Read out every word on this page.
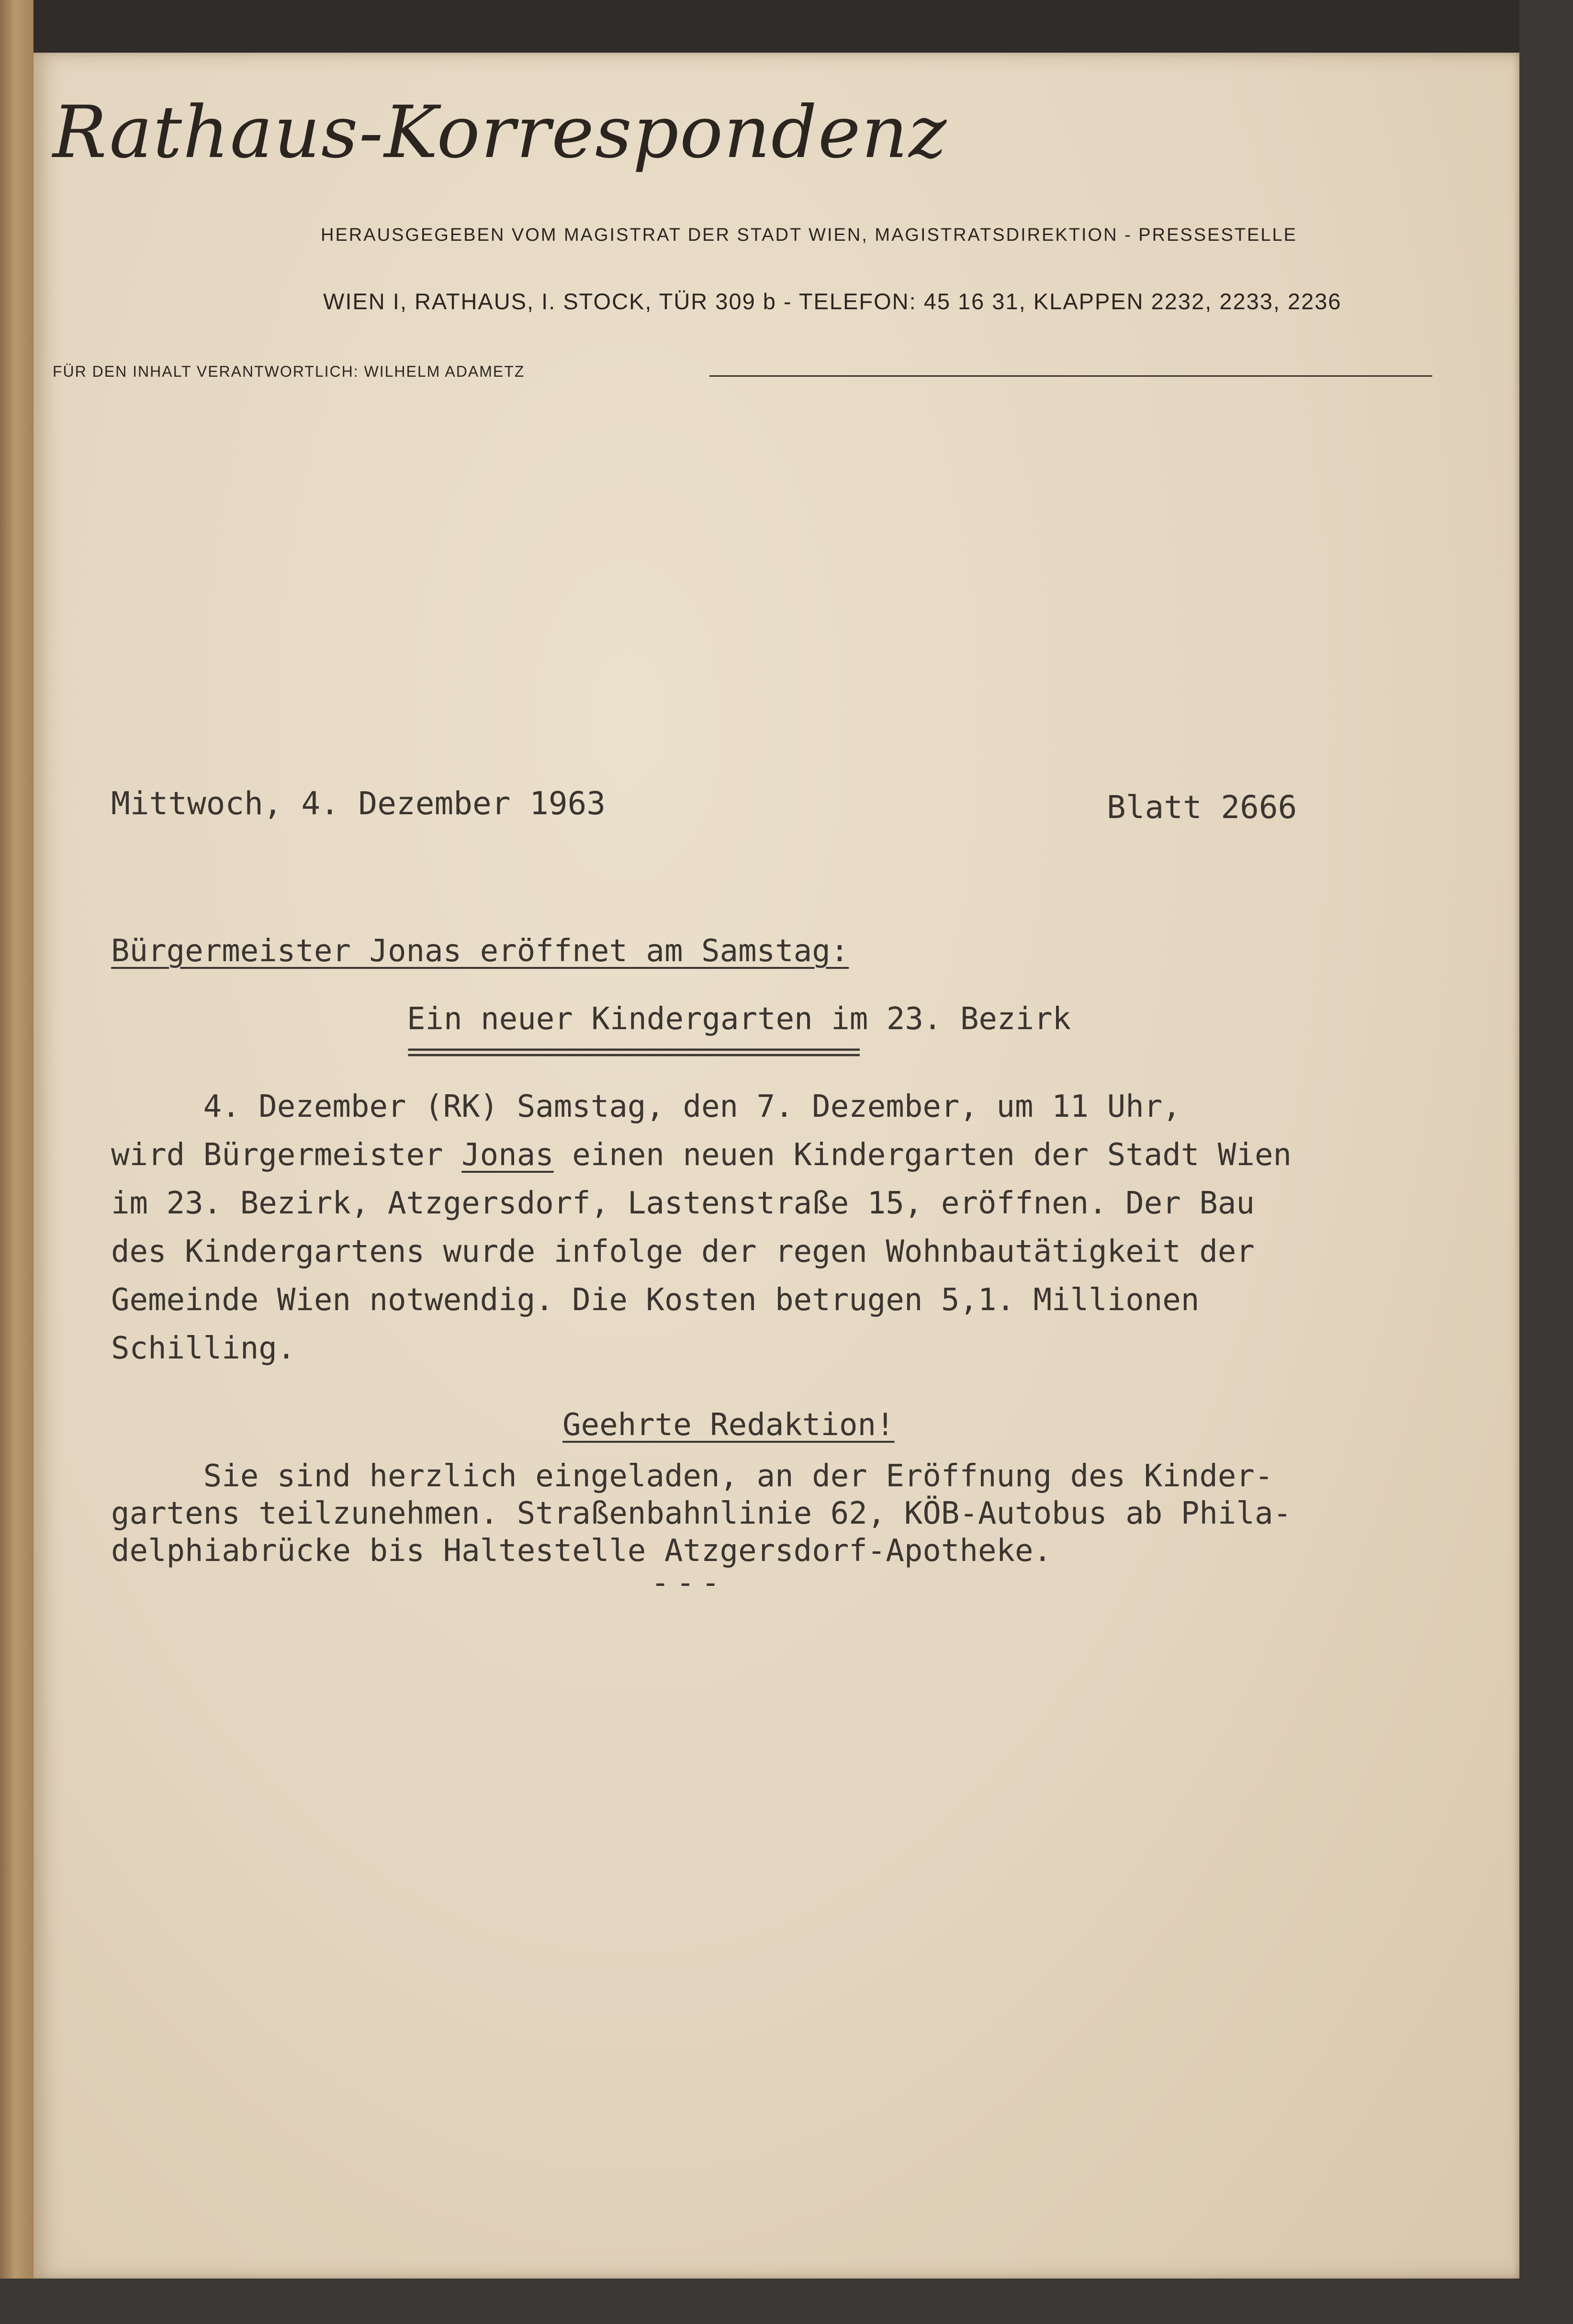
Rathaus-Korrespondenz
HERAUSGEGEBEN VOM MAGISTRAT DER STADT WIEN, MAGISTRATSDIREKTION - PRESSESTELLE
WIEN I, RATHAUS, I. STOCK, TÜR 309 b - TELEFON: 45 16 31, KLAPPEN 2232, 2233, 2236
FÜR DEN INHALT VERANTWORTLICH: WILHELM ADAMETZ
Mittwoch, 4. Dezember 1963	Blatt 2666
Bürgermeister Jonas eröffnet am Samstag:
Ein neuer Kindergarten im 23. Bezirk
==================================
4. Dezember (RK) Samstag, den 7. Dezember, um 11 Uhr,
wird Bürgermeister Jonas einen neuen Kindergarten der Stadt Wien
im 23. Bezirk, Atzgersdorf, Lastenstraße 15, eröffnen. Der Bau
des Kindergartens wurde infolge der regen Wohnbautätigkeit der
Gemeinde Wien notwendig. Die Kosten betrugen 5,1. Millionen
Schilling.
Geehrte Redaktion!
Sie sind herzlich eingeladen, an der Eröffnung des Kinder-
gartens teilzunehmen. Straßenbahnlinie 62, KÖB-Autobus ab Phila-
delphiabrücke bis Haltestelle Atzgersdorf-Apotheke.
---
